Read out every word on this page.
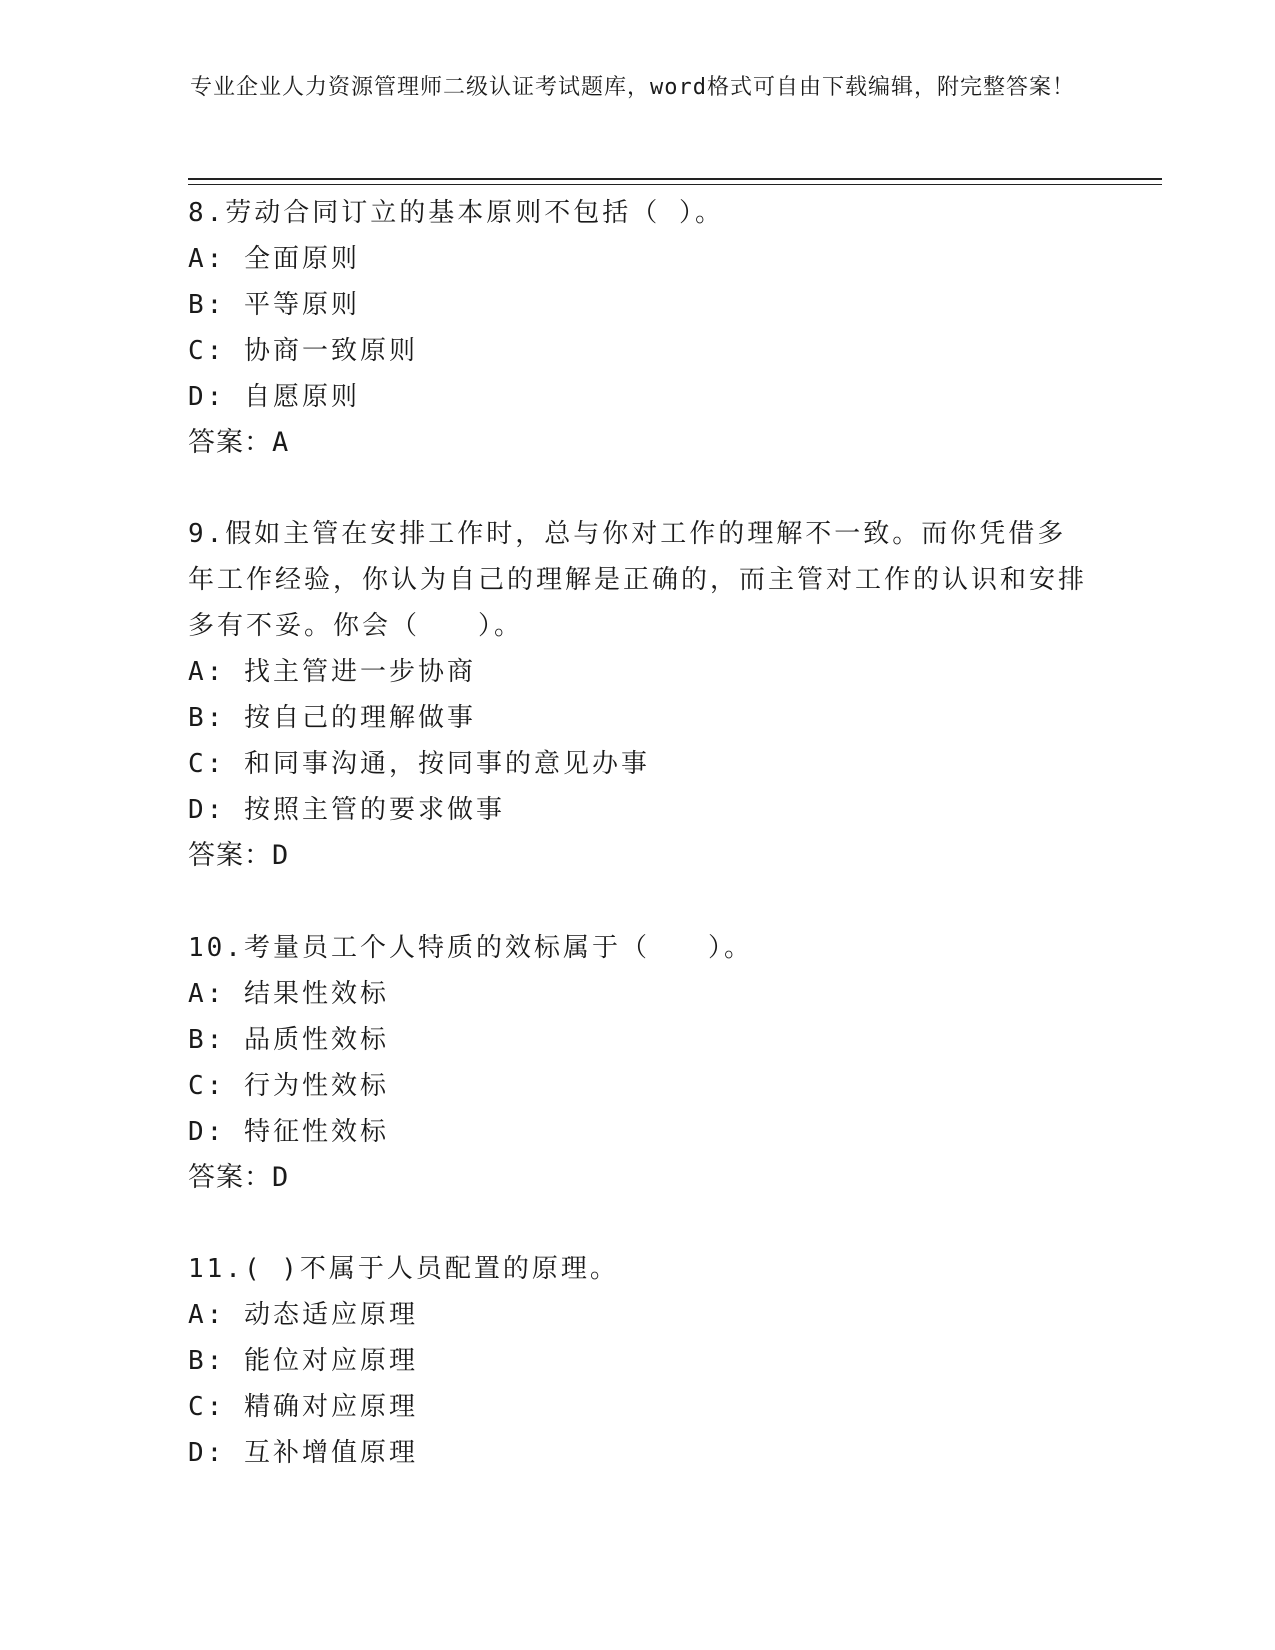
专业企业人力资源管理师二级认证考试题库，word格式可自由下载编辑，附完整答案！
8.劳动合同订立的基本原则不包括（ ）。
A: 全面原则
B: 平等原则
C: 协商一致原则
D: 自愿原则
答案：A
9.假如主管在安排工作时，总与你对工作的理解不一致。而你凭借多年工作经验，你认为自己的理解是正确的，而主管对工作的认识和安排多有不妥。你会（　　）。
A: 找主管进一步协商
B: 按自己的理解做事
C: 和同事沟通，按同事的意见办事
D: 按照主管的要求做事
答案：D
10.考量员工个人特质的效标属于（　　）。
A: 结果性效标
B: 品质性效标
C: 行为性效标
D: 特征性效标
答案：D
11.( )不属于人员配置的原理。
A: 动态适应原理
B: 能位对应原理
C: 精确对应原理
D: 互补增值原理
